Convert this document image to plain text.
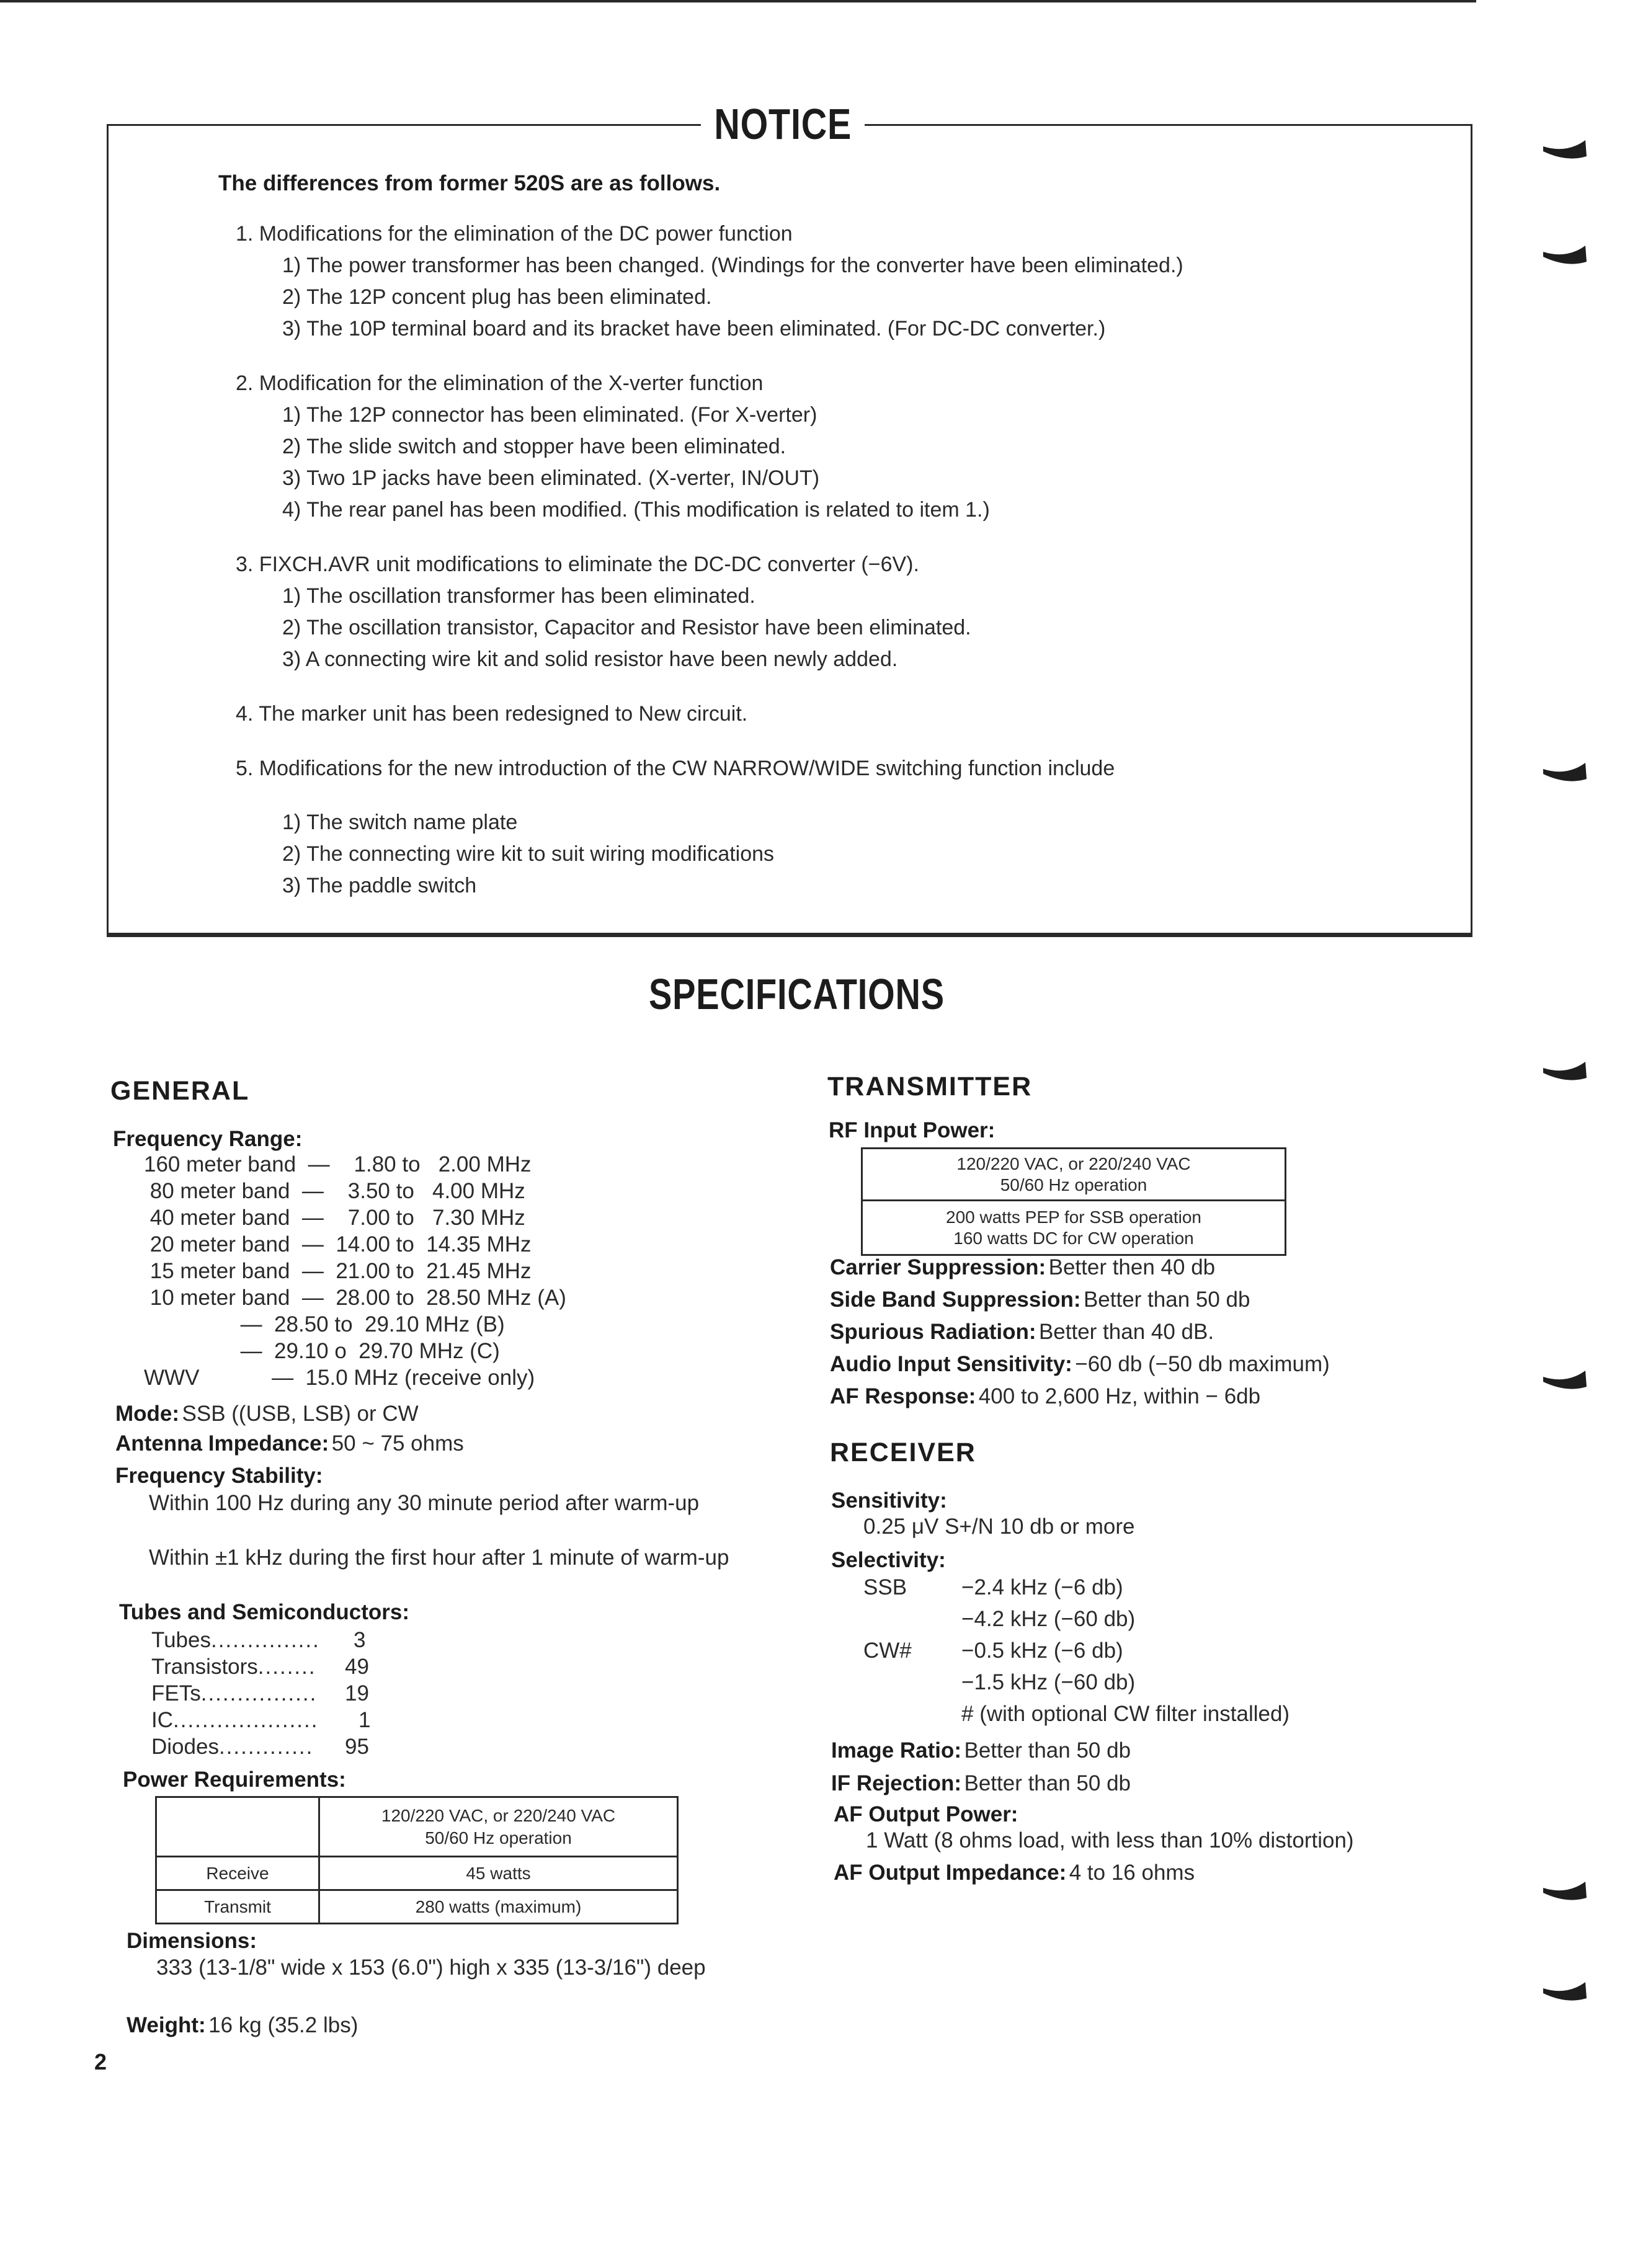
NOTICE
The differences from former 520S are as follows.
1. Modifications for the elimination of the DC power function
1) The power transformer has been changed. (Windings for the converter have been eliminated.)
2) The 12P concent plug has been eliminated.
3) The 10P terminal board and its bracket have been eliminated. (For DC-DC converter.)
2. Modification for the elimination of the X-verter function
1) The 12P connector has been eliminated. (For X-verter)
2) The slide switch and stopper have been eliminated.
3) Two 1P jacks have been eliminated. (X-verter, IN/OUT)
4) The rear panel has been modified. (This modification is related to item 1.)
3. FIXCH.AVR unit modifications to eliminate the DC-DC converter (−6V).
1) The oscillation transformer has been eliminated.
2) The oscillation transistor, Capacitor and Resistor have been eliminated.
3) A connecting wire kit and solid resistor have been newly added.
4. The marker unit has been redesigned to New circuit.
5. Modifications for the new introduction of the CW NARROW/WIDE switching function include
1) The switch name plate
2) The connecting wire kit to suit wiring modifications
3) The paddle switch
SPECIFICATIONS
GENERAL
Frequency Range:
160 meter band  —    1.80 to   2.00 MHz
80 meter band  —    3.50 to   4.00 MHz
40 meter band  —    7.00 to   7.30 MHz
20 meter band  —  14.00 to  14.35 MHz
15 meter band  —  21.00 to  21.45 MHz
10 meter band  —  28.00 to  28.50 MHz (A)
—  28.50 to  29.10 MHz (B)
—  29.10 o  29.70 MHz (C)
WWV            —  15.0 MHz (receive only)
Mode: SSB ((USB, LSB) or CW
Antenna Impedance: 50 ~ 75 ohms
Frequency Stability:
Within 100 Hz during any 30 minute period after warm-up
Within ±1 kHz during the first hour after 1 minute of warm-up
Tubes and Semiconductors:
Tubes............... 3
Transistors........ 49
FETs................ 19
IC.................... 1
Diodes............. 95
Power Requirements:
	120/220 VAC, or 220/240 VAC
50/60 Hz operation
Receive	45 watts
Transmit	280 watts (maximum)
Dimensions:
333 (13-1/8" wide x 153 (6.0") high x 335 (13-3/16") deep
Weight: 16 kg (35.2 lbs)
TRANSMITTER
RF Input Power:
120/220 VAC, or 220/240 VAC
50/60 Hz operation
200 watts PEP for SSB operation
160 watts DC for CW operation
Carrier Suppression: Better then 40 db
Side Band Suppression: Better than 50 db
Spurious Radiation: Better than 40 dB.
Audio Input Sensitivity: −60 db (−50 db maximum)
AF Response: 400 to 2,600 Hz, within − 6db
RECEIVER
Sensitivity:
0.25 μV S+/N 10 db or more
Selectivity:
SSB	−2.4 kHz (−6 db)
−4.2 kHz (−60 db)
CW# −0.5 kHz (−6 db)
−1.5 kHz (−60 db)
# (with optional CW filter installed)
Image Ratio: Better than 50 db
IF Rejection: Better than 50 db
AF Output Power:
1 Watt (8 ohms load, with less than 10% distortion)
AF Output Impedance: 4 to 16 ohms
2
